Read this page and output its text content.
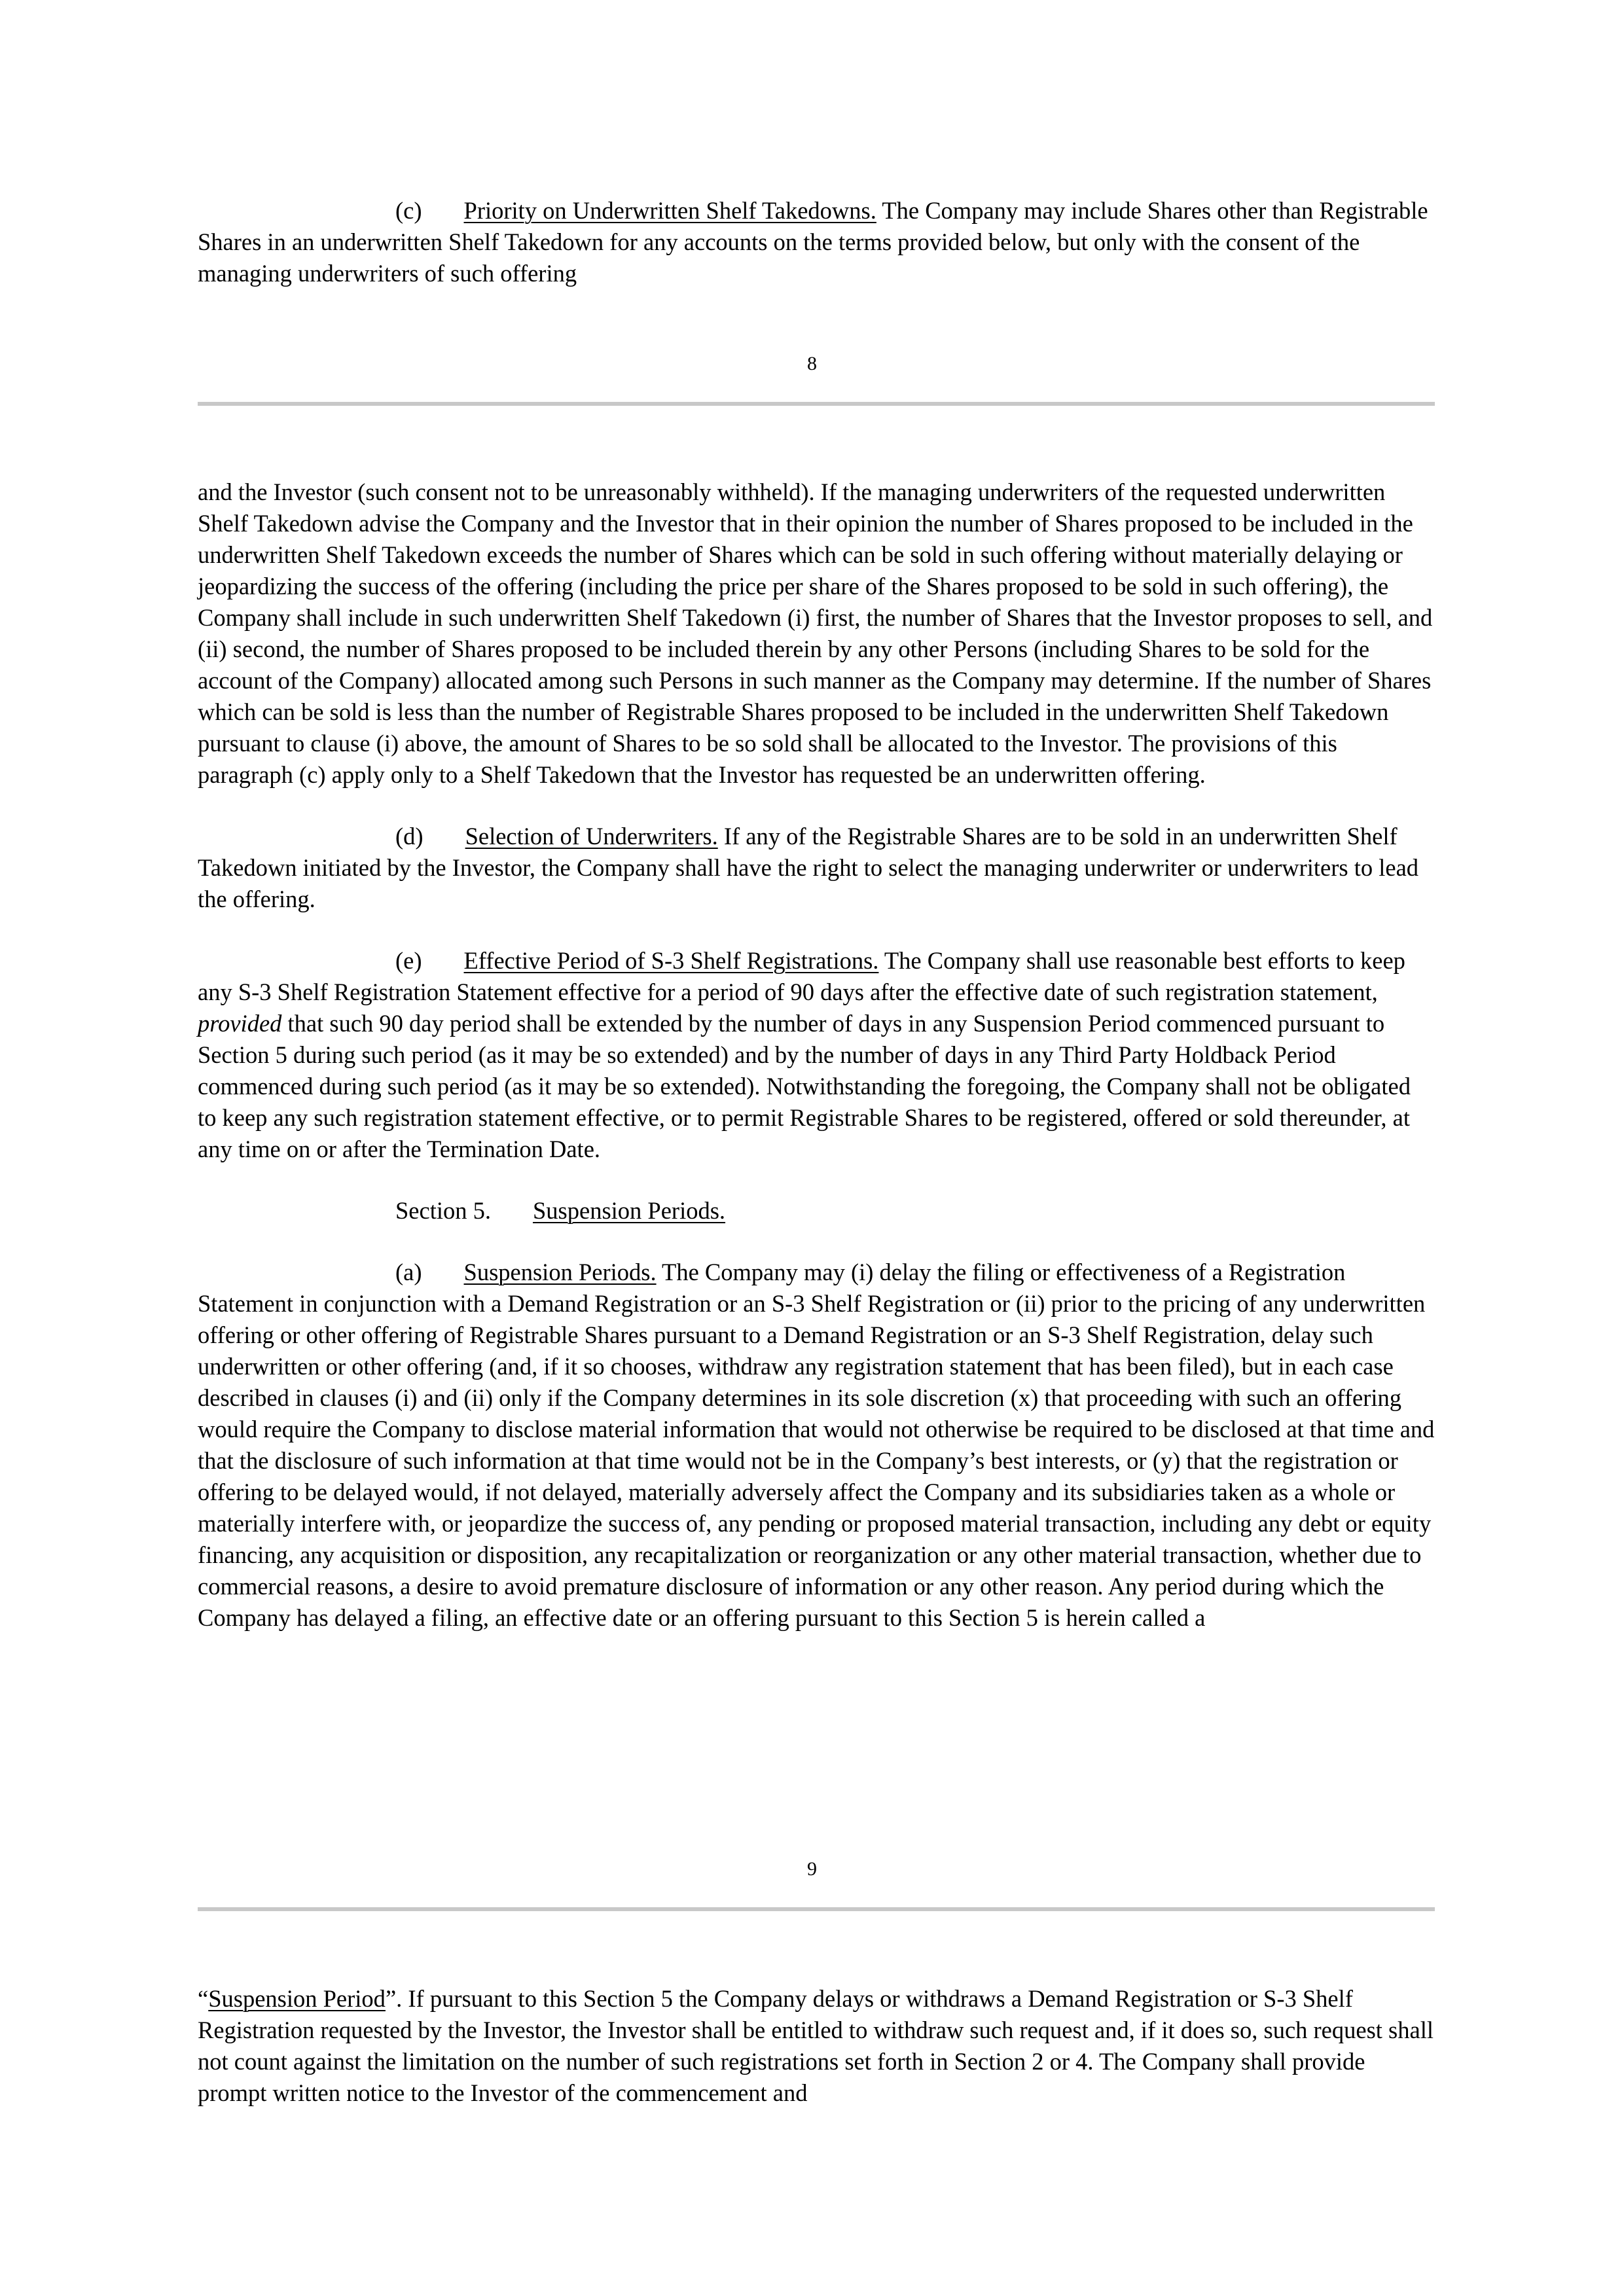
(c) Priority on Underwritten Shelf Takedowns. The Company may include Shares other than Registrable Shares in an underwritten Shelf Takedown for any accounts on the terms provided below, but only with the consent of the managing underwriters of such offering

8

and the Investor (such consent not to be unreasonably withheld). If the managing underwriters of the requested underwritten Shelf Takedown advise the Company and the Investor that in their opinion the number of Shares proposed to be included in the underwritten Shelf Takedown exceeds the number of Shares which can be sold in such offering without materially delaying or jeopardizing the success of the offering (including the price per share of the Shares proposed to be sold in such offering), the Company shall include in such underwritten Shelf Takedown (i) first, the number of Shares that the Investor proposes to sell, and (ii) second, the number of Shares proposed to be included therein by any other Persons (including Shares to be sold for the account of the Company) allocated among such Persons in such manner as the Company may determine. If the number of Shares which can be sold is less than the number of Registrable Shares proposed to be included in the underwritten Shelf Takedown pursuant to clause (i) above, the amount of Shares to be so sold shall be allocated to the Investor. The provisions of this paragraph (c) apply only to a Shelf Takedown that the Investor has requested be an underwritten offering.

(d) Selection of Underwriters. If any of the Registrable Shares are to be sold in an underwritten Shelf Takedown initiated by the Investor, the Company shall have the right to select the managing underwriter or underwriters to lead the offering.

(e) Effective Period of S-3 Shelf Registrations. The Company shall use reasonable best efforts to keep any S-3 Shelf Registration Statement effective for a period of 90 days after the effective date of such registration statement, provided that such 90 day period shall be extended by the number of days in any Suspension Period commenced pursuant to Section 5 during such period (as it may be so extended) and by the number of days in any Third Party Holdback Period commenced during such period (as it may be so extended). Notwithstanding the foregoing, the Company shall not be obligated to keep any such registration statement effective, or to permit Registrable Shares to be registered, offered or sold thereunder, at any time on or after the Termination Date.

Section 5. Suspension Periods.

(a) Suspension Periods. The Company may (i) delay the filing or effectiveness of a Registration Statement in conjunction with a Demand Registration or an S-3 Shelf Registration or (ii) prior to the pricing of any underwritten offering or other offering of Registrable Shares pursuant to a Demand Registration or an S-3 Shelf Registration, delay such underwritten or other offering (and, if it so chooses, withdraw any registration statement that has been filed), but in each case described in clauses (i) and (ii) only if the Company determines in its sole discretion (x) that proceeding with such an offering would require the Company to disclose material information that would not otherwise be required to be disclosed at that time and that the disclosure of such information at that time would not be in the Company’s best interests, or (y) that the registration or offering to be delayed would, if not delayed, materially adversely affect the Company and its subsidiaries taken as a whole or materially interfere with, or jeopardize the success of, any pending or proposed material transaction, including any debt or equity financing, any acquisition or disposition, any recapitalization or reorganization or any other material transaction, whether due to commercial reasons, a desire to avoid premature disclosure of information or any other reason. Any period during which the Company has delayed a filing, an effective date or an offering pursuant to this Section 5 is herein called a

9

“Suspension Period”. If pursuant to this Section 5 the Company delays or withdraws a Demand Registration or S-3 Shelf Registration requested by the Investor, the Investor shall be entitled to withdraw such request and, if it does so, such request shall not count against the limitation on the number of such registrations set forth in Section 2 or 4. The Company shall provide prompt written notice to the Investor of the commencement and
